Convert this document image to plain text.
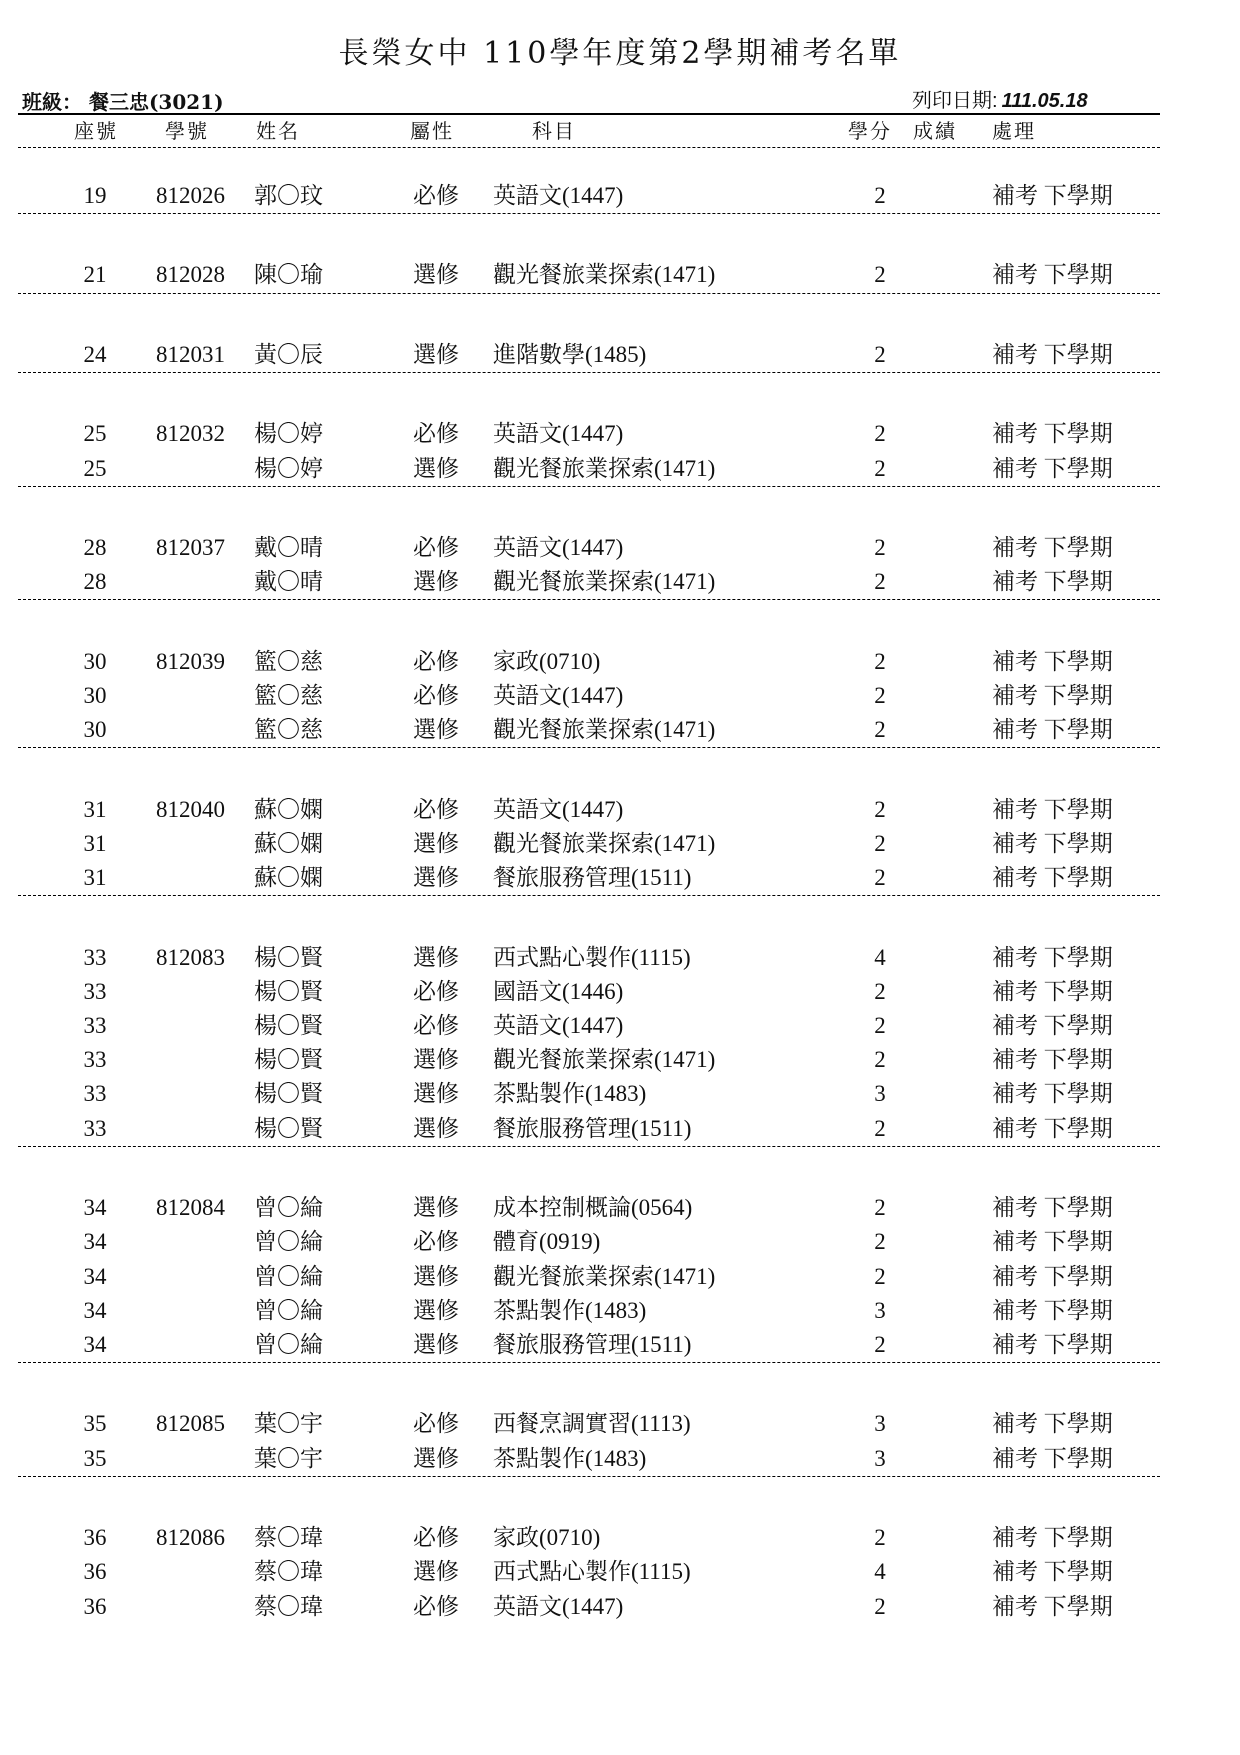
長榮女中 110學年度第2學期補考名單
班級： 餐三忠(3021)	列印日期: 111.05.18
座號 學號 姓名	屬性	科目	學分 成績 處理
19	812026 郭〇玟	必修 英語文(1447)	2	補考 下學期
21	812028 陳〇瑜	選修 觀光餐旅業探索(1471)	2	補考 下學期
24	812031 黃〇辰	選修 進階數學(1485)	2	補考 下學期
25	812032 楊〇婷	必修 英語文(1447)	2	補考 下學期
25	楊〇婷	選修 觀光餐旅業探索(1471)	2	補考 下學期
28	812037 戴〇晴	必修 英語文(1447)	2	補考 下學期
28	戴〇晴	選修 觀光餐旅業探索(1471)	2	補考 下學期
30	812039 籃〇慈	必修 家政(0710)	2	補考 下學期
30	籃〇慈	必修 英語文(1447)	2	補考 下學期
30	籃〇慈	選修 觀光餐旅業探索(1471)	2	補考 下學期
31	812040 蘇〇嫻	必修 英語文(1447)	2	補考 下學期
31	蘇〇嫻	選修 觀光餐旅業探索(1471)	2	補考 下學期
31	蘇〇嫻	選修 餐旅服務管理(1511)	2	補考 下學期
33	812083 楊〇賢	選修 西式點心製作(1115)	4	補考 下學期
33	楊〇賢	必修 國語文(1446)	2	補考 下學期
33	楊〇賢	必修 英語文(1447)	2	補考 下學期
33	楊〇賢	選修 觀光餐旅業探索(1471)	2	補考 下學期
33	楊〇賢	選修 茶點製作(1483)	3	補考 下學期
33	楊〇賢	選修 餐旅服務管理(1511)	2	補考 下學期
34	812084 曾〇綸	選修 成本控制概論(0564)	2	補考 下學期
34	曾〇綸	必修 體育(0919)	2	補考 下學期
34	曾〇綸	選修 觀光餐旅業探索(1471)	2	補考 下學期
34	曾〇綸	選修 茶點製作(1483)	3	補考 下學期
34	曾〇綸	選修 餐旅服務管理(1511)	2	補考 下學期
35	812085 葉〇宇	必修 西餐烹調實習(1113)	3	補考 下學期
35	葉〇宇	選修 茶點製作(1483)	3	補考 下學期
36	812086 蔡〇瑋	必修 家政(0710)	2	補考 下學期
36	蔡〇瑋	選修 西式點心製作(1115)	4	補考 下學期
36	蔡〇瑋	必修 英語文(1447)	2	補考 下學期
